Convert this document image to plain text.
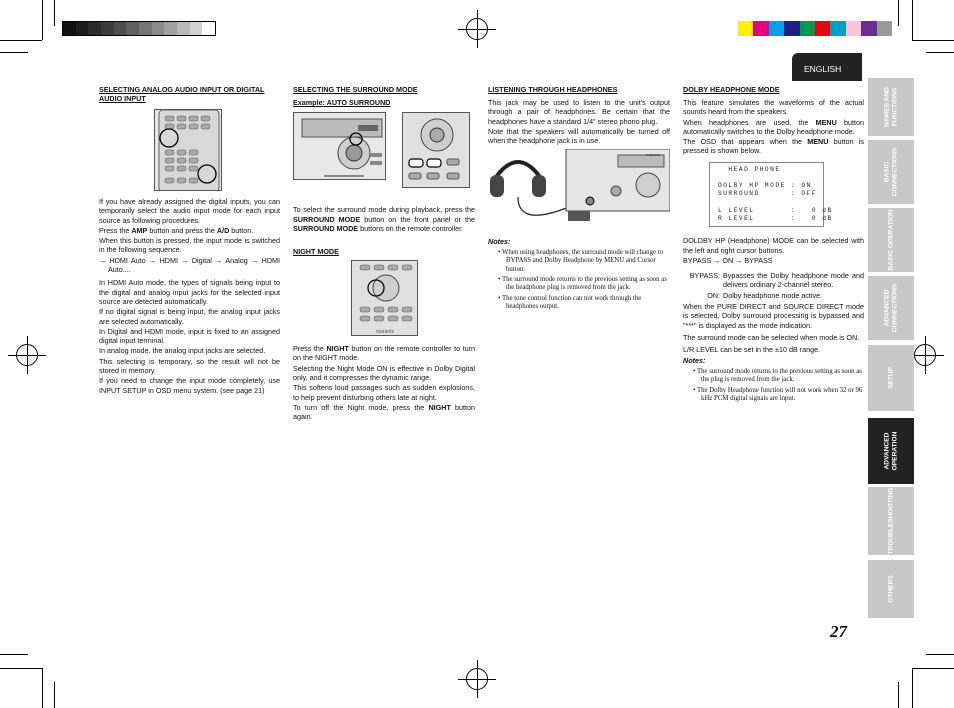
ENGLISH
NAMES AND
FUNCTIONS
BASIC
CONNECTIONS
BASIC OPERATION
ADVANCED
CONNECTIONS
SETUP
ADVANCED
OPERATION
TROUBLESHOOTING
OTHERS
27
SELECTING ANALOG AUDIO INPUT OR DIGITAL AUDIO INPUT
If you have already assigned the digital inputs, you can temporarily select the audio input mode for each input source as following procedures.
Press the AMP button and press the A/D button.
When this button is pressed, the input mode is switched in the following sequence.
→ HDMI Auto → HDMI → Digital → Analog → HDMI Auto....
In HDMI Auto mode, the types of signals being input to the digital and analog input jacks for the selected input source are detected automatically.
If no digital signal is being input, the analog input jacks are selected automatically.
In Digital and HDMI mode, input is fixed to an assigned digital input terminal.
In analog mode, the analog input jacks are selected.
This selecting is temporary, so the result will not be stored in memory.
If you need to change the input mode completely, use INPUT SETUP in OSD menu system. (see page 21)
SELECTING THE SURROUND MODE
Example: AUTO SURROUND
To select the surround mode during playback, press the SURROUND MODE button on the front panel or the SURROUND MODE buttons on the remote controller.
NIGHT MODE
marantz
Press the NIGHT button on the remote controller to turn on the NIGHT mode.
Selecting the Night Mode ON is effective in Dolby Digital only, and it compresses the dynamic range.
This softens loud passages such as sudden explosions, to help prevent disturbing others late at night.
To turn off the Night mode, press the NIGHT button again.
LISTENING THROUGH HEADPHONES
This jack may be used to listen to the unit's output through a pair of headphones. Be certain that the headphones have a standard 1/4" stereo phono plug.
Note that the speakers will automatically be turned off when the headphone jack is in use.
marantz
Notes:
• When using headphones, the surround mode will change to BYPASS and Dolby Headphone by MENU and Cursor button.
• The surround mode returns to the previous setting as soon as the headphone plug is removed from the jack.
• The tone control function can not work through the headphones output.
DOLBY HEADPHONE MODE
This feature simulates the waveforms of the actual sounds heard from the speakers.
When headphones are used, the MENU button automatically switches to the Dolby headphone mode.
The OSD that appears when the MENU button is pressed is shown below.
HEAD PHONE

DOLBY HP MODE : ON
SURROUND      : OFF

L LEVEL       :   0 dB
R LEVEL       :   0 dB
DOLDBY HP (Headphone) MODE can be selected with the left and right cursor buttons.
BYPASS → ON → BYPASS
BYPASS: Bypasses the Dolby headphone mode and delivers ordinary 2-channel stereo.
ON: Dolby headphone mode active.
When the PURE DIRECT and SOURCE DIRECT mode is selected, Dolby surround processing is bypassed and "***" is displayed as the mode indication.
The surround mode can be selected when mode is ON.
L/R LEVEL can be set in the ±10 dB range.
Notes:
• The surround mode returns to the previous setting as soon as the plug is removed from the jack.
• The Dolby Headphone function will not work when 32 or 96 kHz PCM digital signals are input.
